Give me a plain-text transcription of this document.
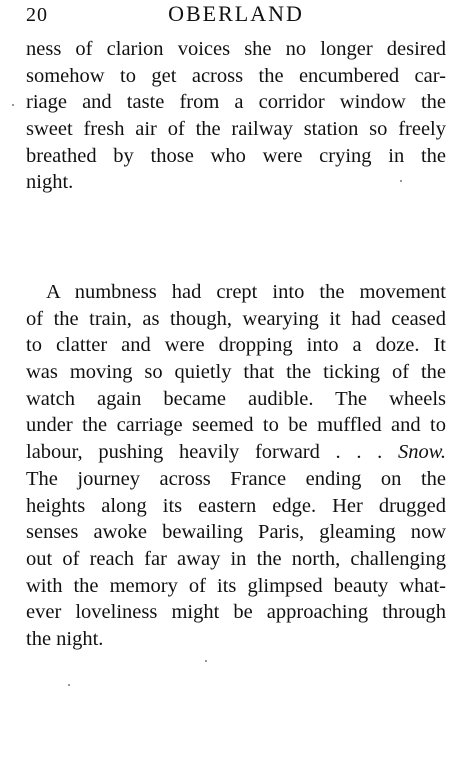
20	OBERLAND
ness of clarion voices she no longer desired
somehow to get across the encumbered car-
riage and taste from a corridor window the
sweet fresh air of the railway station so freely
breathed by those who were crying in the
night.
A numbness had crept into the movement
of the train, as though, wearying it had ceased
to clatter and were dropping into a doze. It
was moving so quietly that the ticking of the
watch again became audible. The wheels
under the carriage seemed to be muffled and to
labour, pushing heavily forward . . . Snow.
The journey across France ending on the
heights along its eastern edge. Her drugged
senses awoke bewailing Paris, gleaming now
out of reach far away in the north, challenging
with the memory of its glimpsed beauty what-
ever loveliness might be approaching through
the night.
